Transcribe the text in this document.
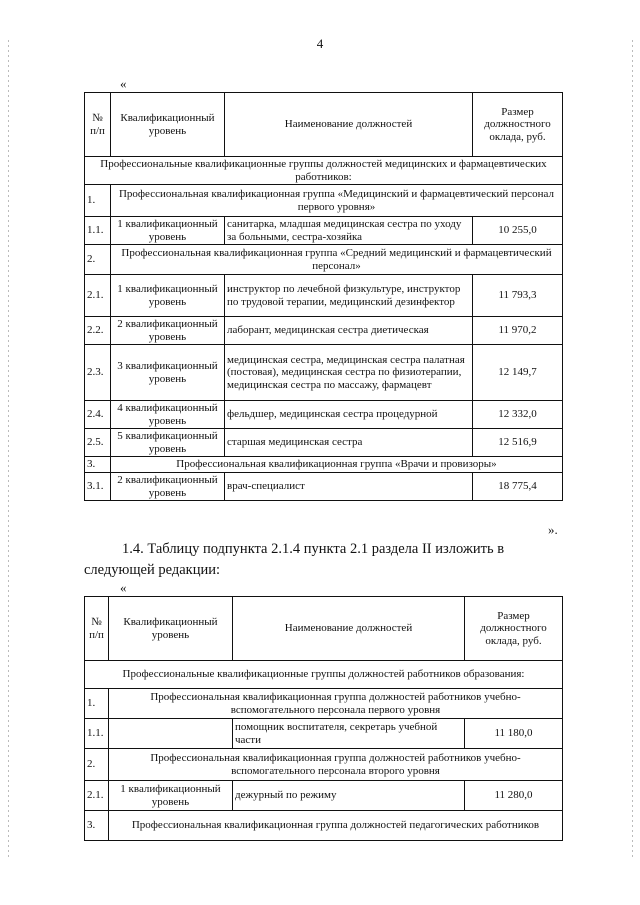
4
«
№ п/п	Квалификационный уровень	Наименование должностей	Размер должностного оклада, руб.
Профессиональные квалификационные группы должностей медицинских и фармацевтических работников:			
1.	Профессиональная квалификационная группа «Медицинский и фармацевтический персонал первого уровня»		
1.1.	1 квалификационный уровень	санитарка, младшая медицинская сестра по уходу за больными, сестра-хозяйка	10 255,0
2.	Профессиональная квалификационная группа «Средний медицинский и фармацевтический персонал»		
2.1.	1 квалификационный уровень	инструктор по лечебной физкультуре, инструктор по трудовой терапии, медицинский дезинфектор	11 793,3
2.2.	2 квалификационный уровень	лаборант, медицинская сестра диетическая	11 970,2
2.3.	3 квалификационный уровень	медицинская сестра, медицинская сестра палатная (постовая), медицинская сестра по физиотерапии, медицинская сестра по массажу, фармацевт	12 149,7
2.4.	4 квалификационный уровень	фельдшер, медицинская сестра процедурной	12 332,0
2.5.	5 квалификационный уровень	старшая медицинская сестра	12 516,9
3.	Профессиональная квалификационная группа «Врачи и провизоры»		
3.1.	2 квалификационный уровень	врач-специалист	18 775,4
».
1.4. Таблицу подпункта 2.1.4 пункта 2.1 раздела II изложить в следующей редакции:
«
№ п/п	Квалификационный уровень	Наименование должностей	Размер должностного оклада, руб.
Профессиональные квалификационные группы должностей работников образования:			
1.	Профессиональная квалификационная группа должностей работников учебно-вспомогательного персонала первого уровня		
1.1.		помощник воспитателя, секретарь учебной части	11 180,0
2.	Профессиональная квалификационная группа должностей работников учебно-вспомогательного персонала второго уровня		
2.1.	1 квалификационный уровень	дежурный по режиму	11 280,0
3.	Профессиональная квалификационная группа должностей педагогических работников		
